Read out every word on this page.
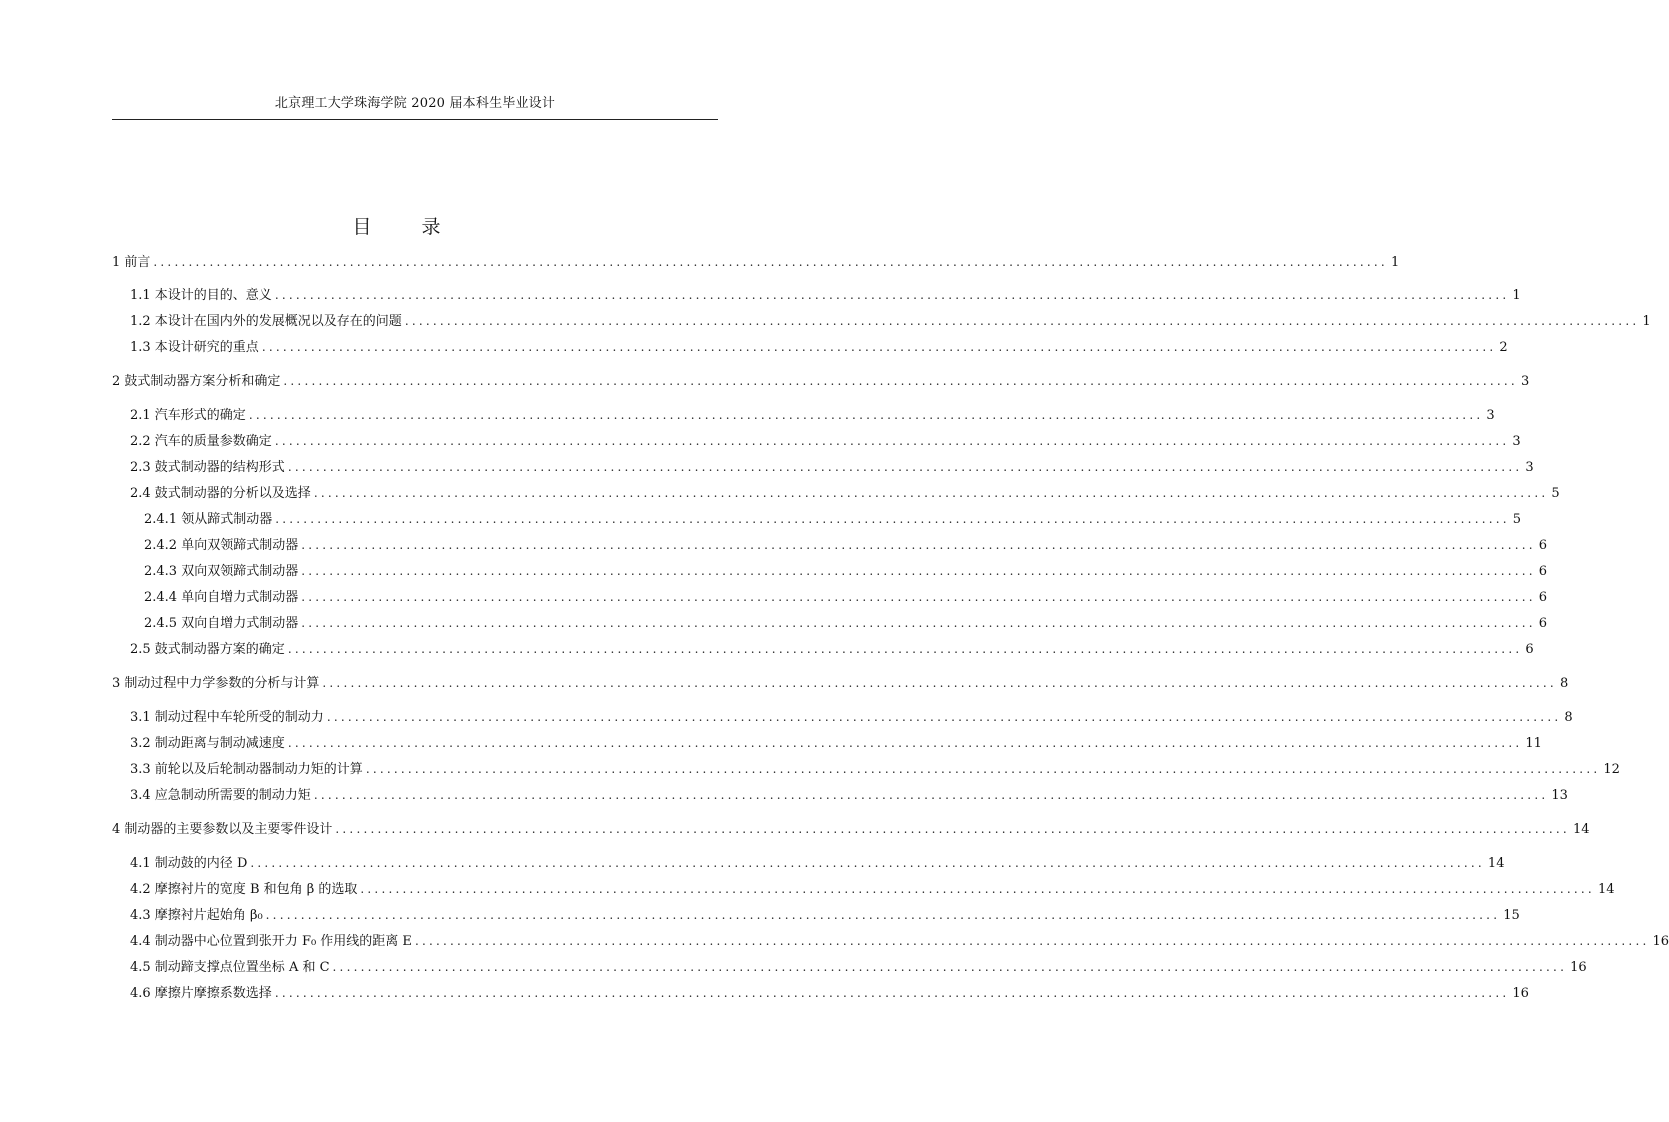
北京理工大学珠海学院 2020 届本科生毕业设计
目 录
1 前言 ................................................................................................................................................................................ 1
1.1 本设计的目的、意义 ................................................................................................................................................................................ 1
1.2 本设计在国内外的发展概况以及存在的问题 ................................................................................................................................................................................ 1
1.3 本设计研究的重点 ................................................................................................................................................................................ 2
2 鼓式制动器方案分析和确定 ................................................................................................................................................................................ 3
2.1 汽车形式的确定 ................................................................................................................................................................................ 3
2.2 汽车的质量参数确定 ................................................................................................................................................................................ 3
2.3 鼓式制动器的结构形式 ................................................................................................................................................................................ 3
2.4 鼓式制动器的分析以及选择 ................................................................................................................................................................................ 5
2.4.1 领从蹄式制动器 ................................................................................................................................................................................ 5
2.4.2 单向双领蹄式制动器 ................................................................................................................................................................................ 6
2.4.3 双向双领蹄式制动器 ................................................................................................................................................................................ 6
2.4.4 单向自增力式制动器 ................................................................................................................................................................................ 6
2.4.5 双向自增力式制动器 ................................................................................................................................................................................ 6
2.5 鼓式制动器方案的确定 ................................................................................................................................................................................ 6
3 制动过程中力学参数的分析与计算 ................................................................................................................................................................................ 8
3.1 制动过程中车轮所受的制动力 ................................................................................................................................................................................ 8
3.2 制动距离与制动减速度 ................................................................................................................................................................................ 11
3.3 前轮以及后轮制动器制动力矩的计算 ................................................................................................................................................................................ 12
3.4 应急制动所需要的制动力矩 ................................................................................................................................................................................ 13
4 制动器的主要参数以及主要零件设计 ................................................................................................................................................................................ 14
4.1 制动鼓的内径 D ................................................................................................................................................................................ 14
4.2 摩擦衬片的宽度 B 和包角 β 的选取 ................................................................................................................................................................................ 14
4.3 摩擦衬片起始角 β₀ ................................................................................................................................................................................ 15
4.4 制动器中心位置到张开力 F₀ 作用线的距离 E ................................................................................................................................................................................ 16
4.5 制动蹄支撑点位置坐标 A 和 C ................................................................................................................................................................................ 16
4.6 摩擦片摩擦系数选择 ................................................................................................................................................................................ 16
